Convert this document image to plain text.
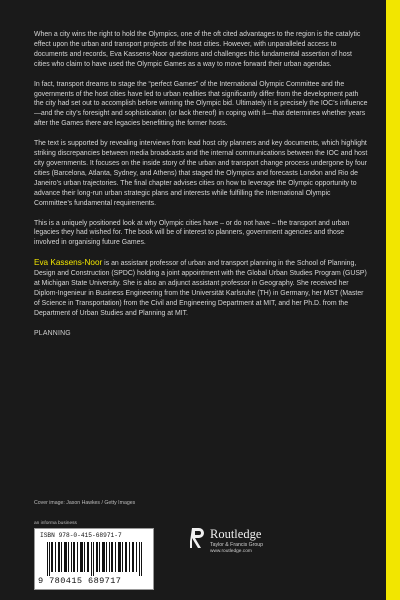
When a city wins the right to hold the Olympics, one of the oft cited advantages to the region is the catalytic effect upon the urban and transport projects of the host cities. However, with unparalleled access to documents and records, Eva Kassens-Noor questions and challenges this fundamental assertion of host cities who claim to have used the Olympic Games as a way to move forward their urban agendas.

In fact, transport dreams to stage the “perfect Games” of the International Olympic Committee and the governments of the host cities have led to urban realities that significantly differ from the development path the city had set out to accomplish before winning the Olympic bid. Ultimately it is precisely the IOC’s influence—and the city’s foresight and sophistication (or lack thereof) in coping with it—that determines whether years after the Games there are legacies benefitting the former hosts.

The text is supported by revealing interviews from lead host city planners and key documents, which highlight striking discrepancies between media broadcasts and the internal communications between the IOC and host city governments. It focuses on the inside story of the urban and transport change process undergone by four cities (Barcelona, Atlanta, Sydney, and Athens) that staged the Olympics and forecasts London and Rio de Janeiro’s urban trajectories. The final chapter advises cities on how to leverage the Olympic opportunity to advance their long-run urban strategic plans and interests while fulfilling the International Olympic Committee’s fundamental requirements.

This is a uniquely positioned look at why Olympic cities have – or do not have – the transport and urban legacies they had wished for. The book will be of interest to planners, government agencies and those involved in organising future Games.

Eva Kassens-Noor is an assistant professor of urban and transport planning in the School of Planning, Design and Construction (SPDC) holding a joint appointment with the Global Urban Studies Program (GUSP) at Michigan State University. She is also an adjunct assistant professor in Geography. She received her Diplom-Ingenieur in Business Engineering from the Universität Karlsruhe (TH) in Germany, her MST (Master of Science in Transportation) from the Civil and Engineering Department at MIT, and her Ph.D. from the Department of Urban Studies and Planning at MIT.

PLANNING
Cover image: Jason Hawkes / Getty Images
an informa business
ISBN 978-0-415-68971-7
9 780415 689717
Routledge
Taylor & Francis Group
www.routledge.com
